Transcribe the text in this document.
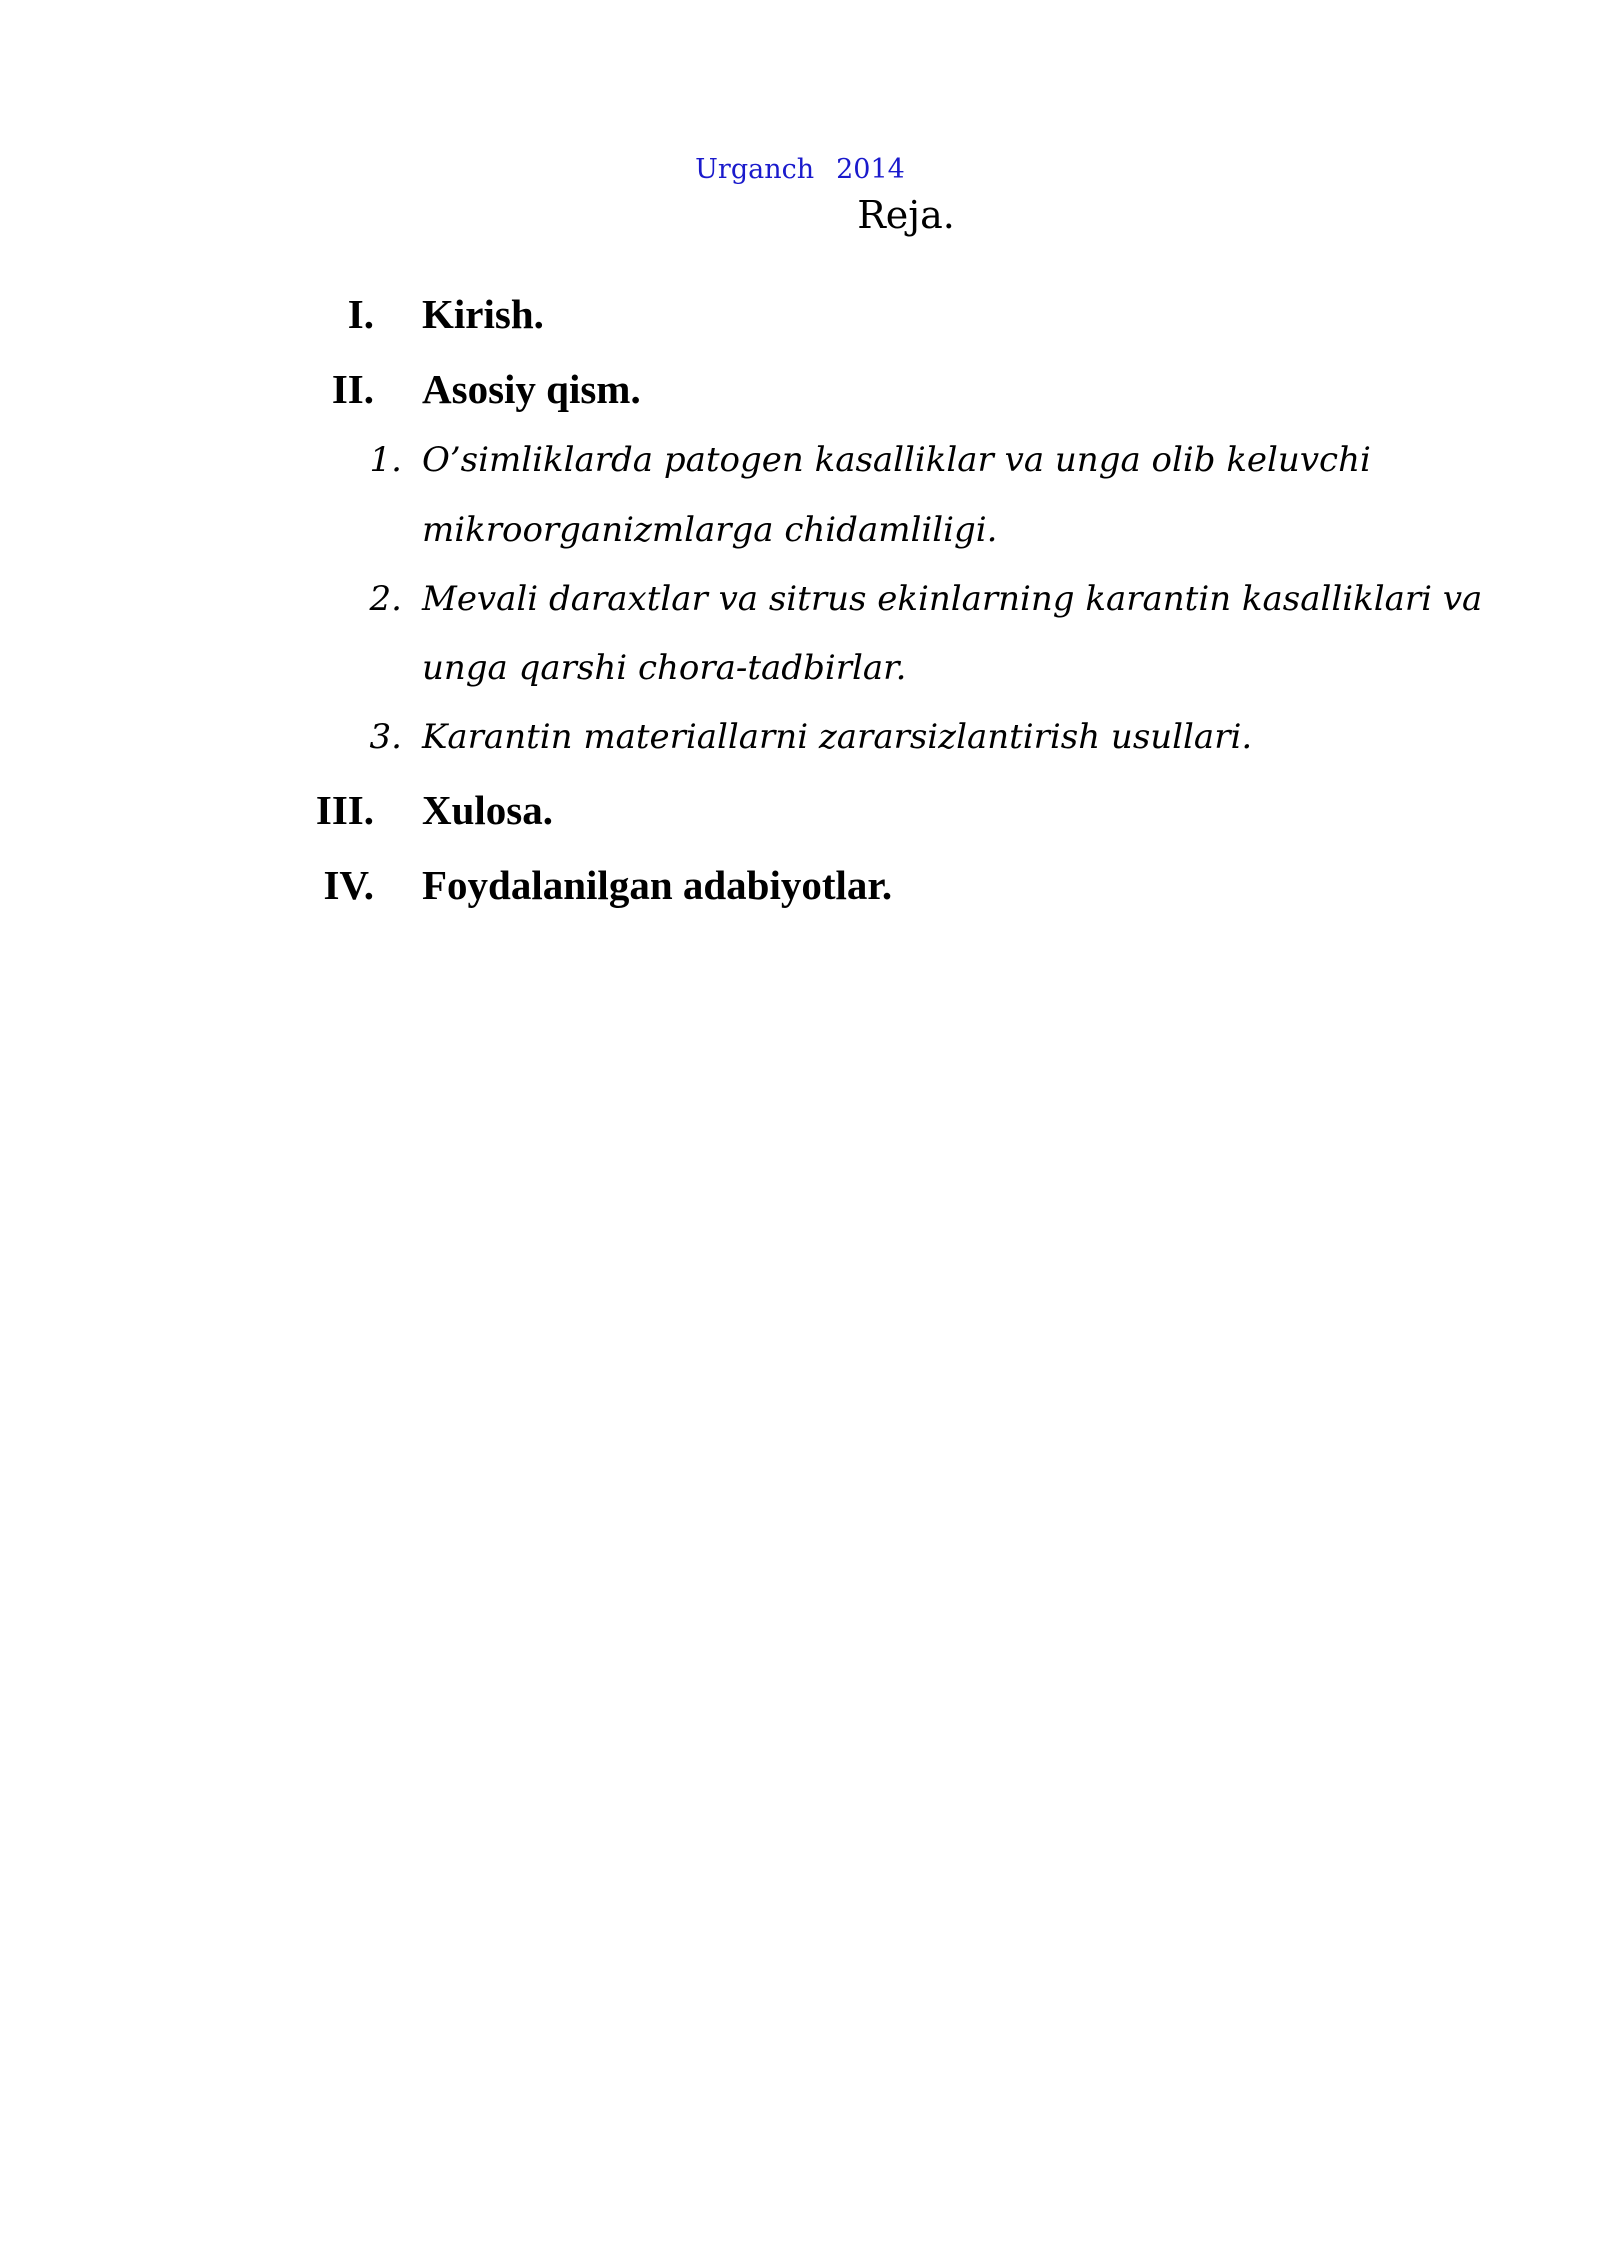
Urganch 2014
Reja.
I. Kirish.
II. Asosiy qism.
1. O’simliklarda patogen kasalliklar va unga olib keluvchi
mikroorganizmlarga chidamliligi.
2. Mevali daraxtlar va sitrus ekinlarning karantin kasalliklari va
unga qarshi chora-tadbirlar.
3. Karantin materiallarni zararsizlantirish usullari.
III. Xulosa.
IV. Foydalanilgan adabiyotlar.
